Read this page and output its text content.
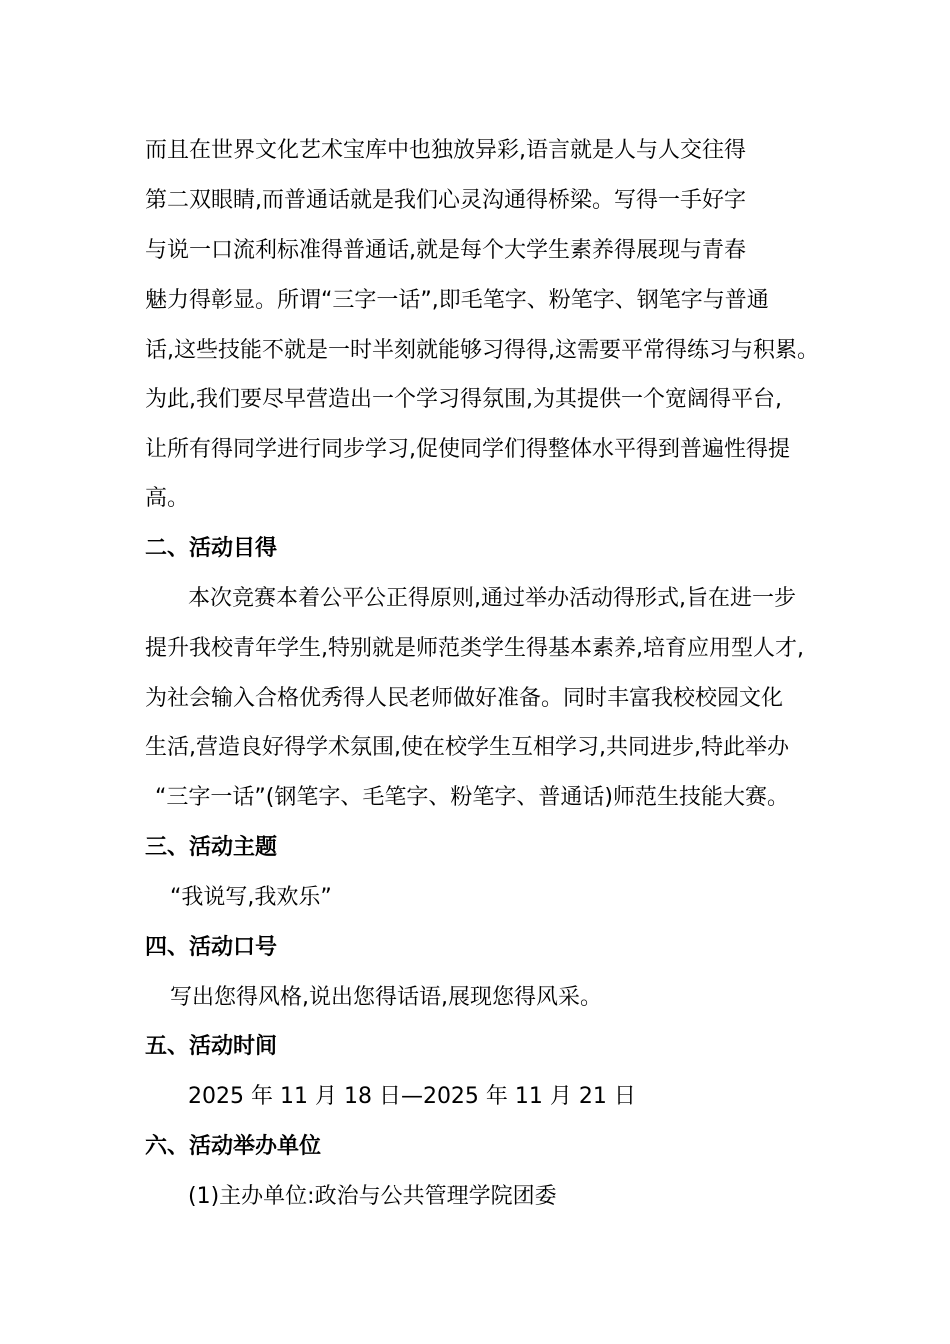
而且在世界文化艺术宝库中也独放异彩,语言就是人与人交往得
第二双眼睛,而普通话就是我们心灵沟通得桥梁。写得一手好字
与说一口流利标准得普通话,就是每个大学生素养得展现与青春
魅力得彰显。所谓“三字一话”,即毛笔字、粉笔字、钢笔字与普通
话,这些技能不就是一时半刻就能够习得得,这需要平常得练习与积累。
为此,我们要尽早营造出一个学习得氛围,为其提供一个宽阔得平台,
让所有得同学进行同步学习,促使同学们得整体水平得到普遍性得提
高。
二、活动目得
本次竞赛本着公平公正得原则,通过举办活动得形式,旨在进一步
提升我校青年学生,特别就是师范类学生得基本素养,培育应用型人才,
为社会输入合格优秀得人民老师做好准备。同时丰富我校校园文化
生活,营造良好得学术氛围,使在校学生互相学习,共同进步,特此举办
“三字一话”(钢笔字、毛笔字、粉笔字、普通话)师范生技能大赛。
三、活动主题
“我说写,我欢乐”
四、活动口号
写出您得风格,说出您得话语,展现您得风采。
五、活动时间
2025 年 11 月 18 日—2025 年 11 月 21 日
六、活动举办单位
(1)主办单位:政治与公共管理学院团委
